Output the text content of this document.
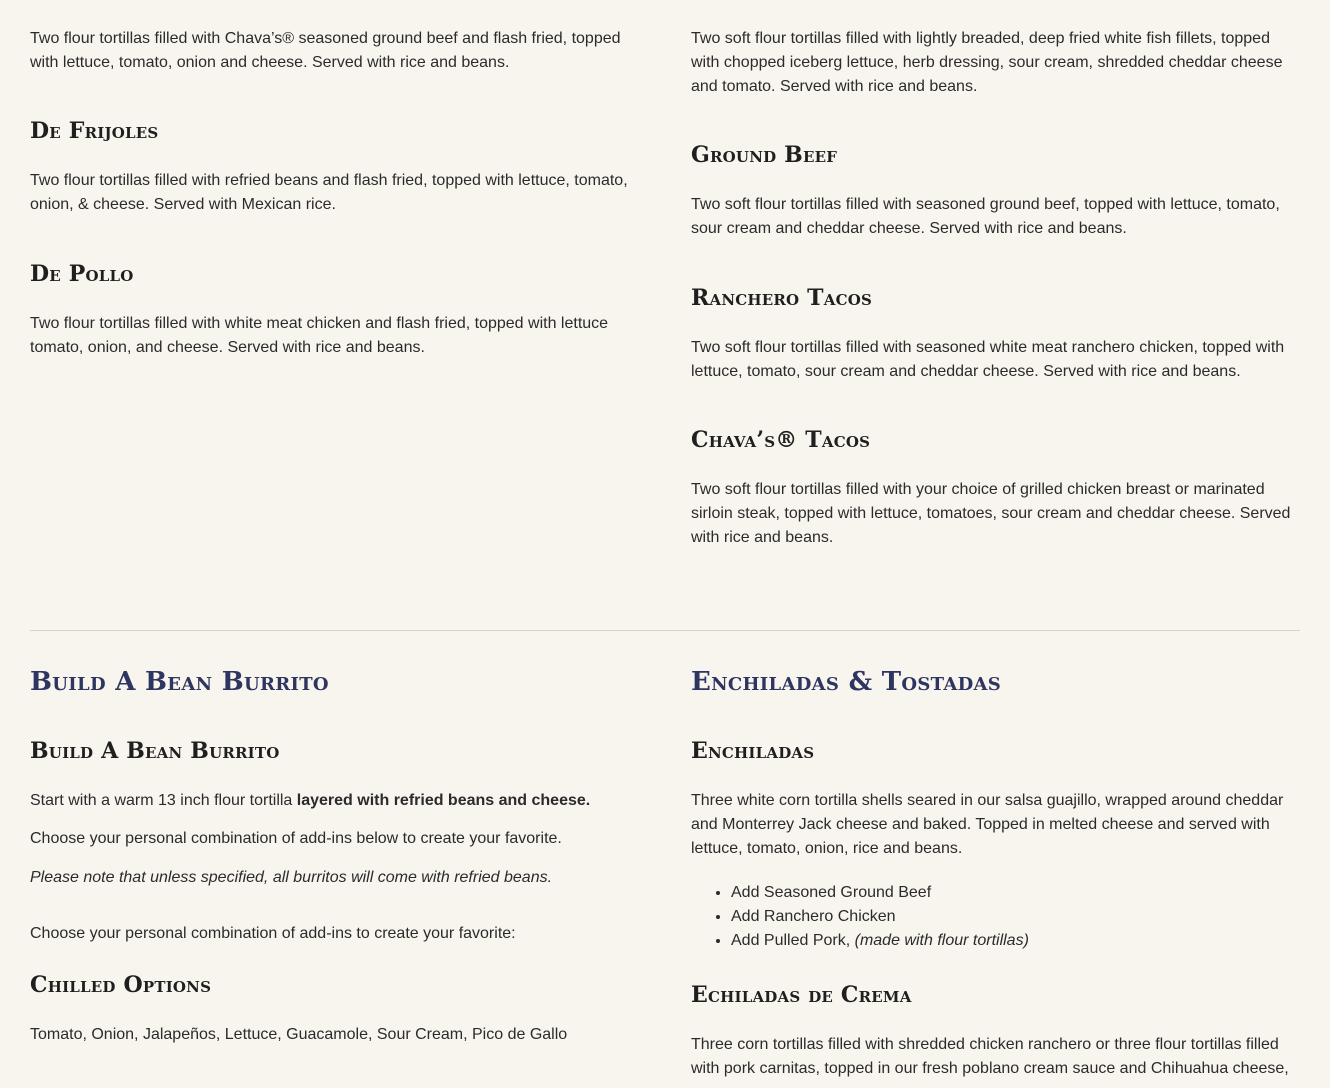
Two flour tortillas filled with Chava’s® seasoned ground beef and flash fried, topped with lettuce, tomato, onion and cheese. Served with rice and beans.

De Frijoles

Two flour tortillas filled with refried beans and flash fried, topped with lettuce, tomato, onion, & cheese. Served with Mexican rice.

De Pollo

Two flour tortillas filled with white meat chicken and flash fried, topped with lettuce tomato, onion, and cheese. Served with rice and beans.

Two soft flour tortillas filled with lightly breaded, deep fried white fish fillets, topped with chopped iceberg lettuce, herb dressing, sour cream, shredded cheddar cheese and tomato. Served with rice and beans.

Ground Beef

Two soft flour tortillas filled with seasoned ground beef, topped with lettuce, tomato, sour cream and cheddar cheese. Served with rice and beans.

Ranchero Tacos

Two soft flour tortillas filled with seasoned white meat ranchero chicken, topped with lettuce, tomato, sour cream and cheddar cheese. Served with rice and beans.

Chava’s® Tacos

Two soft flour tortillas filled with your choice of grilled chicken breast or marinated sirloin steak, topped with lettuce, tomatoes, sour cream and cheddar cheese. Served with rice and beans.

Build A Bean Burrito
Build A Bean Burrito

Start with a warm 13 inch flour tortilla layered with refried beans and cheese.

Choose your personal combination of add-ins below to create your favorite.

Please note that unless specified, all burritos will come with refried beans.

Choose your personal combination of add-ins to create your favorite:

Chilled Options

Tomato, Onion, Jalapeños, Lettuce, Guacamole, Sour Cream, Pico de Gallo

Enchiladas & Tostadas
Enchiladas

Three white corn tortilla shells seared in our salsa guajillo, wrapped around cheddar and Monterrey Jack cheese and baked. Topped in melted cheese and served with lettuce, tomato, onion, rice and beans.

• Add Seasoned Ground Beef
• Add Ranchero Chicken
• Add Pulled Pork, (made with flour tortillas)
Echiladas de Crema

Three corn tortillas filled with shredded chicken ranchero or three flour tortillas filled with pork carnitas, topped in our fresh poblano cream sauce and Chihuahua cheese,
